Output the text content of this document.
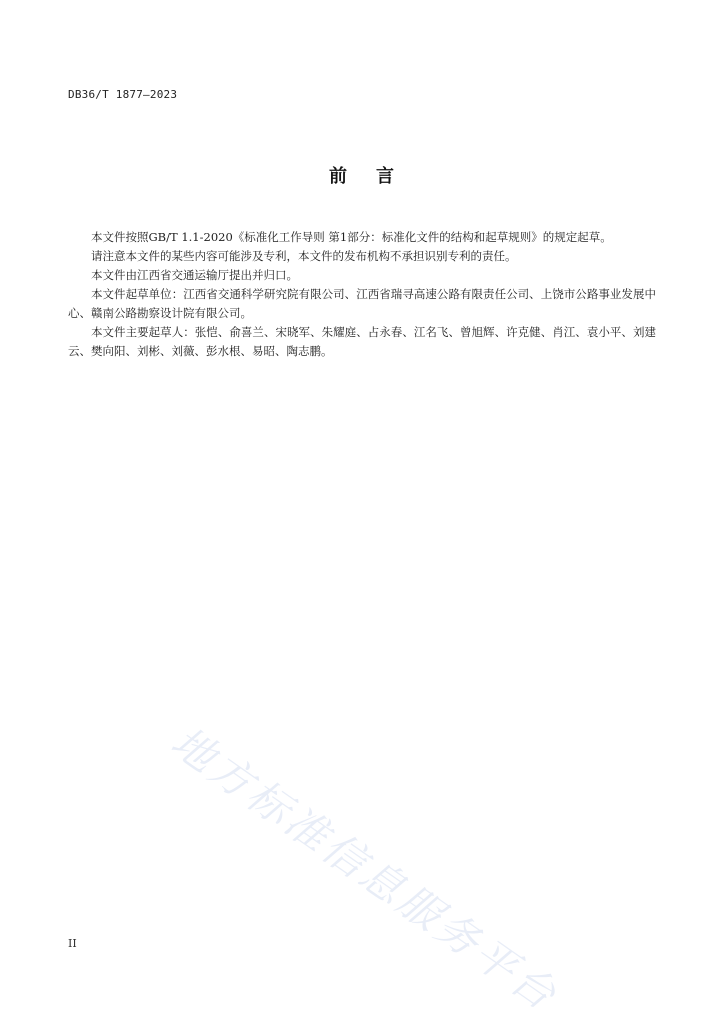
DB36/T 1877—2023
前 言

本文件按照GB/T 1.1-2020《标准化工作导则 第1部分：标准化文件的结构和起草规则》的规定起草。

请注意本文件的某些内容可能涉及专利，本文件的发布机构不承担识别专利的责任。

本文件由江西省交通运输厅提出并归口。

本文件起草单位：江西省交通科学研究院有限公司、江西省瑞寻高速公路有限责任公司、上饶市公路事业发展中心、赣南公路勘察设计院有限公司。

本文件主要起草人：张恺、俞喜兰、宋晓军、朱耀庭、占永春、江名飞、曾旭辉、许克健、肖江、袁小平、刘建云、樊向阳、刘彬、刘薇、彭水根、易昭、陶志鹏。

地方标准信息服务平台
II
